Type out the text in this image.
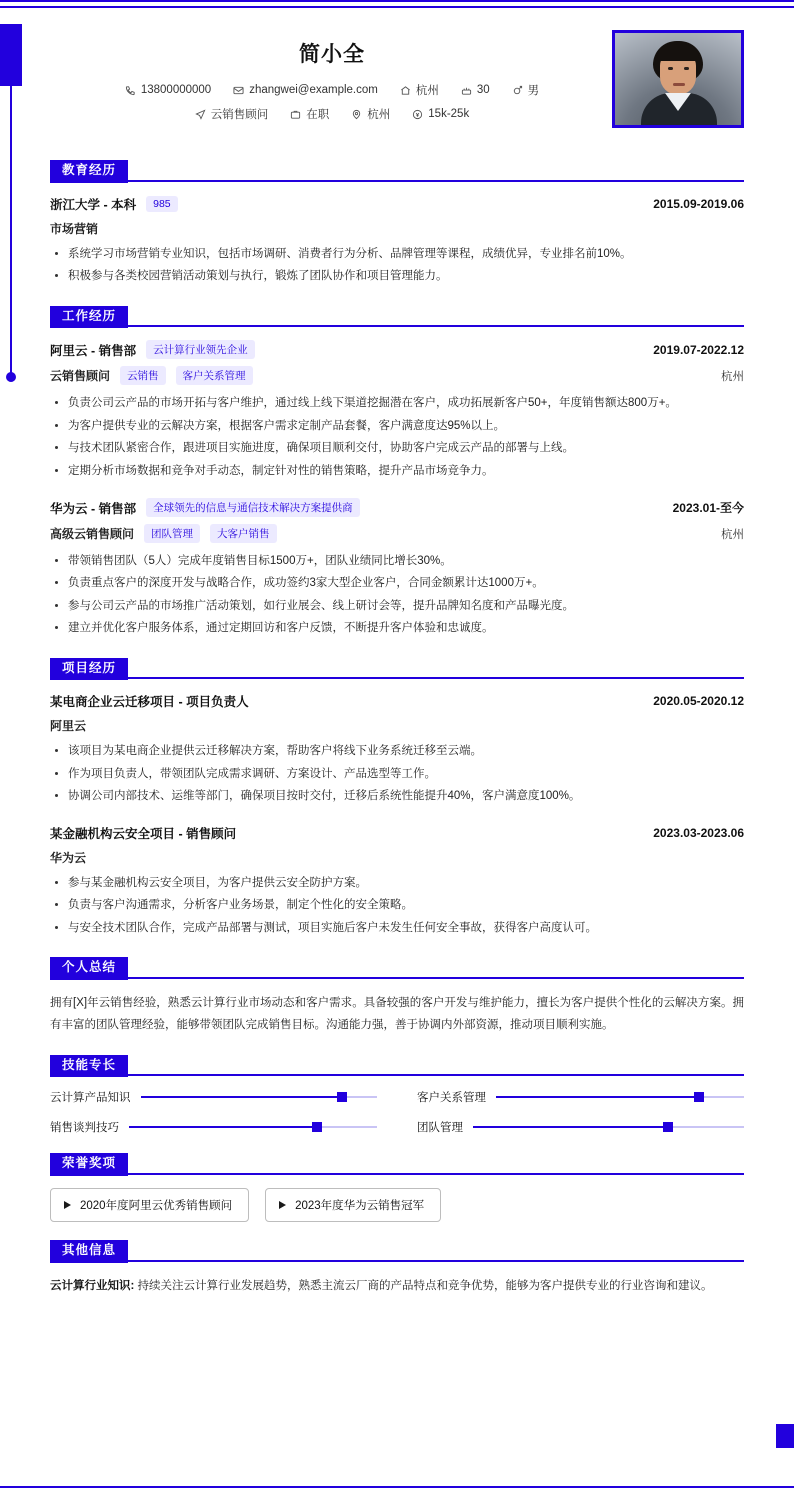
简小全
13800000000	zhangwei@example.com	杭州	30	男
云销售顾问	在职	杭州	15k-25k
教育经历
浙江大学 - 本科	985	2015.09-2019.06
市场营销
• 系统学习市场营销专业知识，包括市场调研、消费者行为分析、品牌管理等课程，成绩优异，专业排名前10%。
• 积极参与各类校园营销活动策划与执行，锻炼了团队协作和项目管理能力。
工作经历
阿里云 - 销售部	云计算行业领先企业	2019.07-2022.12
云销售顾问	云销售	客户关系管理	杭州
• 负责公司云产品的市场开拓与客户维护，通过线上线下渠道挖掘潜在客户，成功拓展新客户50+，年度销售额达800万+。
• 为客户提供专业的云解决方案，根据客户需求定制产品套餐，客户满意度达95%以上。
• 与技术团队紧密合作，跟进项目实施进度，确保项目顺利交付，协助客户完成云产品的部署与上线。
• 定期分析市场数据和竞争对手动态，制定针对性的销售策略，提升产品市场竞争力。
华为云 - 销售部	全球领先的信息与通信技术解决方案提供商	2023.01-至今
高级云销售顾问	团队管理	大客户销售	杭州
• 带领销售团队（5人）完成年度销售目标1500万+，团队业绩同比增长30%。
• 负责重点客户的深度开发与战略合作，成功签约3家大型企业客户，合同金额累计达1000万+。
• 参与公司云产品的市场推广活动策划，如行业展会、线上研讨会等，提升品牌知名度和产品曝光度。
• 建立并优化客户服务体系，通过定期回访和客户反馈，不断提升客户体验和忠诚度。
项目经历
某电商企业云迁移项目 - 项目负责人	2020.05-2020.12
阿里云
• 该项目为某电商企业提供云迁移解决方案，帮助客户将线下业务系统迁移至云端。
• 作为项目负责人，带领团队完成需求调研、方案设计、产品选型等工作。
• 协调公司内部技术、运维等部门，确保项目按时交付，迁移后系统性能提升40%，客户满意度100%。
某金融机构云安全项目 - 销售顾问	2023.03-2023.06
华为云
• 参与某金融机构云安全项目，为客户提供云安全防护方案。
• 负责与客户沟通需求，分析客户业务场景，制定个性化的安全策略。
• 与安全技术团队合作，完成产品部署与测试，项目实施后客户未发生任何安全事故，获得客户高度认可。
个人总结
拥有[X]年云销售经验，熟悉云计算行业市场动态和客户需求。具备较强的客户开发与维护能力，擅长为客户提供个性化的云解决方案。拥有丰富的团队管理经验，能够带领团队完成销售目标。沟通能力强，善于协调内外部资源，推动项目顺利实施。
技能专长
云计算产品知识	客户关系管理
销售谈判技巧	团队管理
荣誉奖项
2020年度阿里云优秀销售顾问	2023年度华为云销售冠军
其他信息
云计算行业知识: 持续关注云计算行业发展趋势，熟悉主流云厂商的产品特点和竞争优势，能够为客户提供专业的行业咨询和建议。
